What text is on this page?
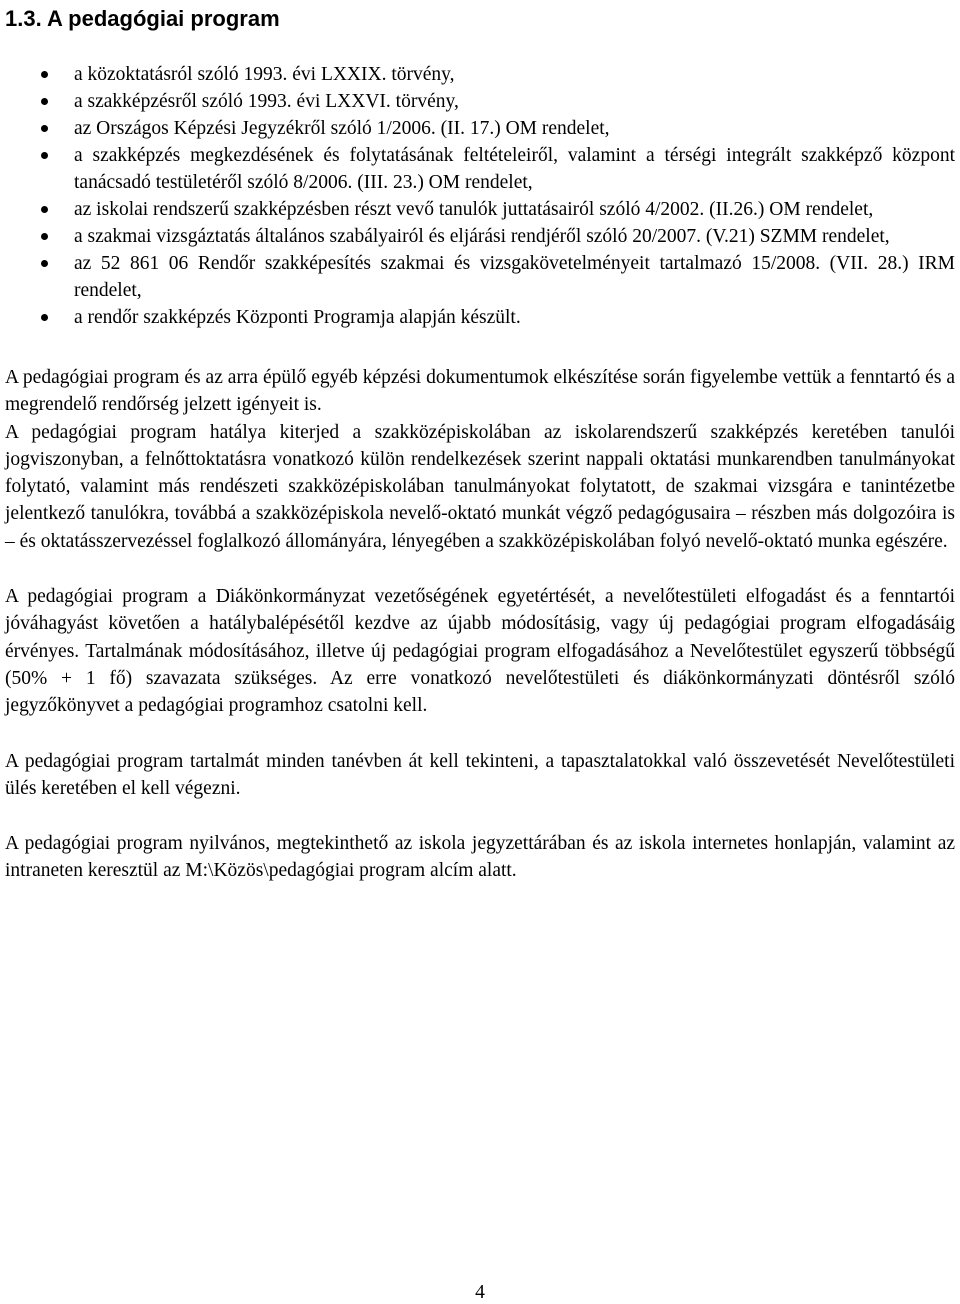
1.3. A pedagógiai program
a közoktatásról szóló 1993. évi LXXIX. törvény,
a szakképzésről szóló 1993. évi LXXVI. törvény,
az Országos Képzési Jegyzékről szóló 1/2006. (II. 17.) OM rendelet,
a szakképzés megkezdésének és folytatásának feltételeiről, valamint a térségi integrált szakképző központ tanácsadó testületéről szóló 8/2006. (III. 23.) OM rendelet,
az iskolai rendszerű szakképzésben részt vevő tanulók juttatásairól szóló 4/2002. (II.26.) OM rendelet,
a szakmai vizsgáztatás általános szabályairól és eljárási rendjéről szóló 20/2007. (V.21) SZMM rendelet,
az 52 861 06 Rendőr szakképesítés szakmai és vizsgakövetelményeit tartalmazó 15/2008. (VII. 28.) IRM rendelet,
a rendőr szakképzés Központi Programja alapján készült.

A pedagógiai program és az arra épülő egyéb képzési dokumentumok elkészítése során figyelembe vettük a fenntartó és a megrendelő rendőrség jelzett igényeit is.

A pedagógiai program hatálya kiterjed a szakközépiskolában az iskolarendszerű szakképzés keretében tanulói jogviszonyban, a felnőttoktatásra vonatkozó külön rendelkezések szerint nappali oktatási munkarendben tanulmányokat folytató, valamint más rendészeti szakközépiskolában tanulmányokat folytatott, de szakmai vizsgára e tanintézetbe jelentkező tanulókra, továbbá a szakközépiskola nevelő-oktató munkát végző pedagógusaira – részben más dolgozóira is – és oktatásszervezéssel foglalkozó állományára, lényegében a szakközépiskolában folyó nevelő-oktató munka egészére.

A pedagógiai program a Diákönkormányzat vezetőségének egyetértését, a nevelőtestületi elfogadást és a fenntartói jóváhagyást követően a hatálybalépésétől kezdve az újabb módosításig, vagy új pedagógiai program elfogadásáig érvényes. Tartalmának módosításához, illetve új pedagógiai program elfogadásához a Nevelőtestület egyszerű többségű (50% + 1 fő) szavazata szükséges. Az erre vonatkozó nevelőtestületi és diákönkormányzati döntésről szóló jegyzőkönyvet a pedagógiai programhoz csatolni kell.

A pedagógiai program tartalmát minden tanévben át kell tekinteni, a tapasztalatokkal való összevetését Nevelőtestületi ülés keretében el kell végezni.

A pedagógiai program nyilvános, megtekinthető az iskola jegyzettárában és az iskola internetes honlapján, valamint az intraneten keresztül az M:\Közös\pedagógiai program alcím alatt.

4
